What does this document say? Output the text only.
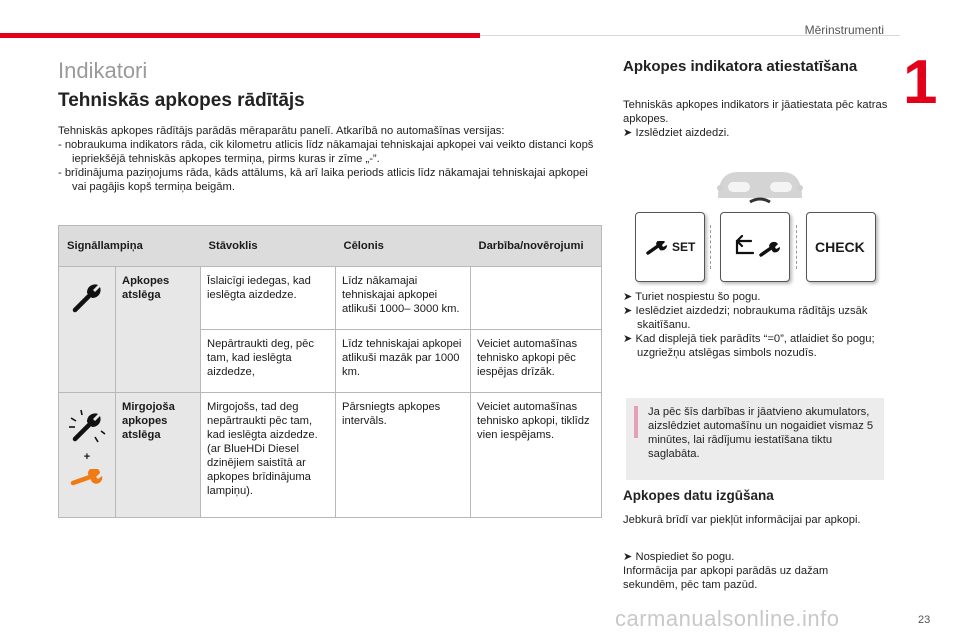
Mērinstrumenti
1
Indikatori
Tehniskās apkopes rādītājs
Tehniskās apkopes rādītājs parādās mēraparātu panelī. Atkarībā no automašīnas versijas:
- nobraukuma indikators rāda, cik kilometru atlicis līdz nākamajai tehniskajai apkopei vai veikto distanci kopš iepriekšējā tehniskās apkopes termiņa, pirms kuras ir zīme „-”.
- brīdinājuma paziņojums rāda, kāds attālums, kā arī laika periods atlicis līdz nākamajai tehniskajai apkopei vai pagājis kopš termiņa beigām.
Signāllampiņa		Stāvoklis	Cēlonis	Darbība/novērojumi
	Apkopes atslēga	Īslaicīgi iedegas, kad ieslēgta aizdedze.	Līdz nākamajai tehniskajai apkopei atlikuši 1000– 3000 km.	
		Nepārtraukti deg, pēc tam, kad ieslēgta aizdedze,	Līdz tehniskajai apkopei atlikuši mazāk par 1000 km.	Veiciet automašīnas tehnisko apkopi pēc iespējas drīzāk.

+	Mirgojoša apkopes atslēga	Mirgojošs, tad deg nepārtraukti pēc tam, kad ieslēgta aizdedze. (ar BlueHDi Diesel dzinējiem saistītā ar apkopes brīdinājuma lampiņu).	Pārsniegts apkopes intervāls.	Veiciet automašīnas tehnisko apkopi, tiklīdz vien iespējams.
Apkopes indikatora atiestatīšana
Tehniskās apkopes indikators ir jāatiestata pēc katras apkopes.
➤ Izslēdziet aizdedzi.
SET	CHECK
➤ Turiet nospiestu šo pogu.
➤ Ieslēdziet aizdedzi; nobraukuma rādītājs uzsāk skaitīšanu.
➤ Kad displejā tiek parādīts “=0”, atlaidiet šo pogu; uzgriežņu atslēgas simbols nozudīs.
Ja pēc šīs darbības ir jāatvieno akumulators, aizslēdziet automašīnu un nogaidiet vismaz 5 minūtes, lai rādījumu iestatīšana tiktu saglabāta.
Apkopes datu izgūšana
Jebkurā brīdī var piekļūt informācijai par apkopi.
➤ Nospiediet šo pogu.
Informācija par apkopi parādās uz dažam sekundēm, pēc tam pazūd.
carmanualsonline.info	23
